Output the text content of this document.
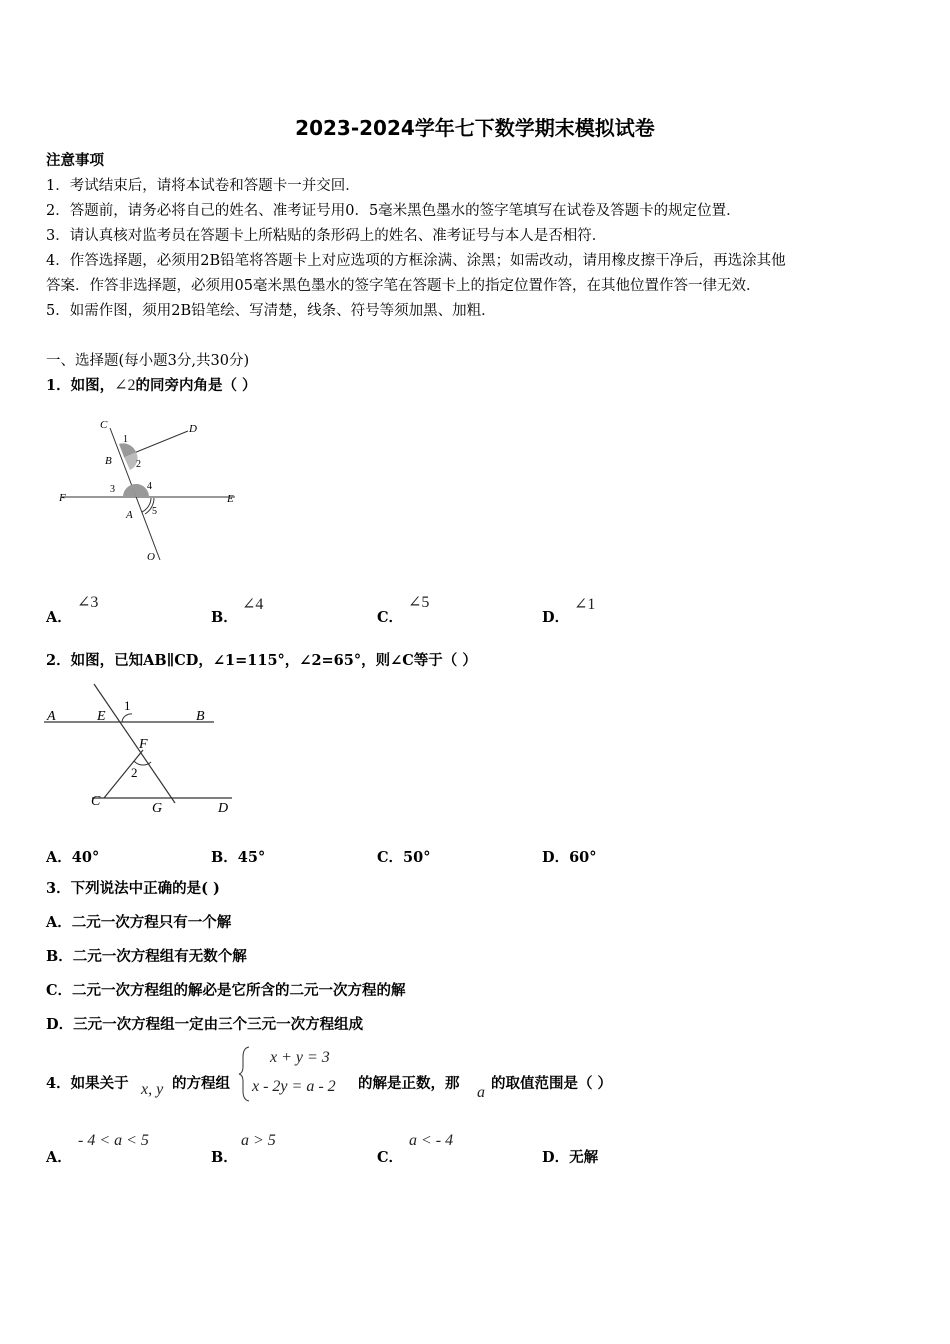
2023-2024学年七下数学期末模拟试卷
注意事项
1．考试结束后，请将本试卷和答题卡一并交回．
2．答题前，请务必将自己的姓名、准考证号用0．5毫米黑色墨水的签字笔填写在试卷及答题卡的规定位置．
3．请认真核对监考员在答题卡上所粘贴的条形码上的姓名、准考证号与本人是否相符．
4．作答选择题，必须用2B铅笔将答题卡上对应选项的方框涂满、涂黑；如需改动，请用橡皮擦干净后，再选涂其他
答案．作答非选择题，必须用05毫米黑色墨水的签字笔在答题卡上的指定位置作答，在其他位置作答一律无效．
5．如需作图，须用2B铅笔绘、写清楚，线条、符号等须加黑、加粗．
一、选择题(每小题3分,共30分)
1．如图，∠2的同旁内角是（ ）
C	D
B
F	E
A
O
1
2
3	4
5
A．
∠3
B．
∠4
C．
∠5
D．
∠1
2．如图，已知AB∥CD，∠1=115°，∠2=65°，则∠C等于（ ）
A	E
1
B
F
2
C	G	D
A．40°	B．45°	C．50°	D．60°
3．下列说法中正确的是( )
A．二元一次方程只有一个解
B．二元一次方程组有无数个解
C．二元一次方程组的解必是它所含的二元一次方程的解
D．三元一次方程组一定由三个三元一次方程组成
4．如果关于 x, y 的方程组
x + y = 3
x - 2y = a - 2 的解是正数，那
a
的取值范围是（ ）
A．
- 4 < a < 5
B．
a > 5
C．
a < - 4
D．无解
